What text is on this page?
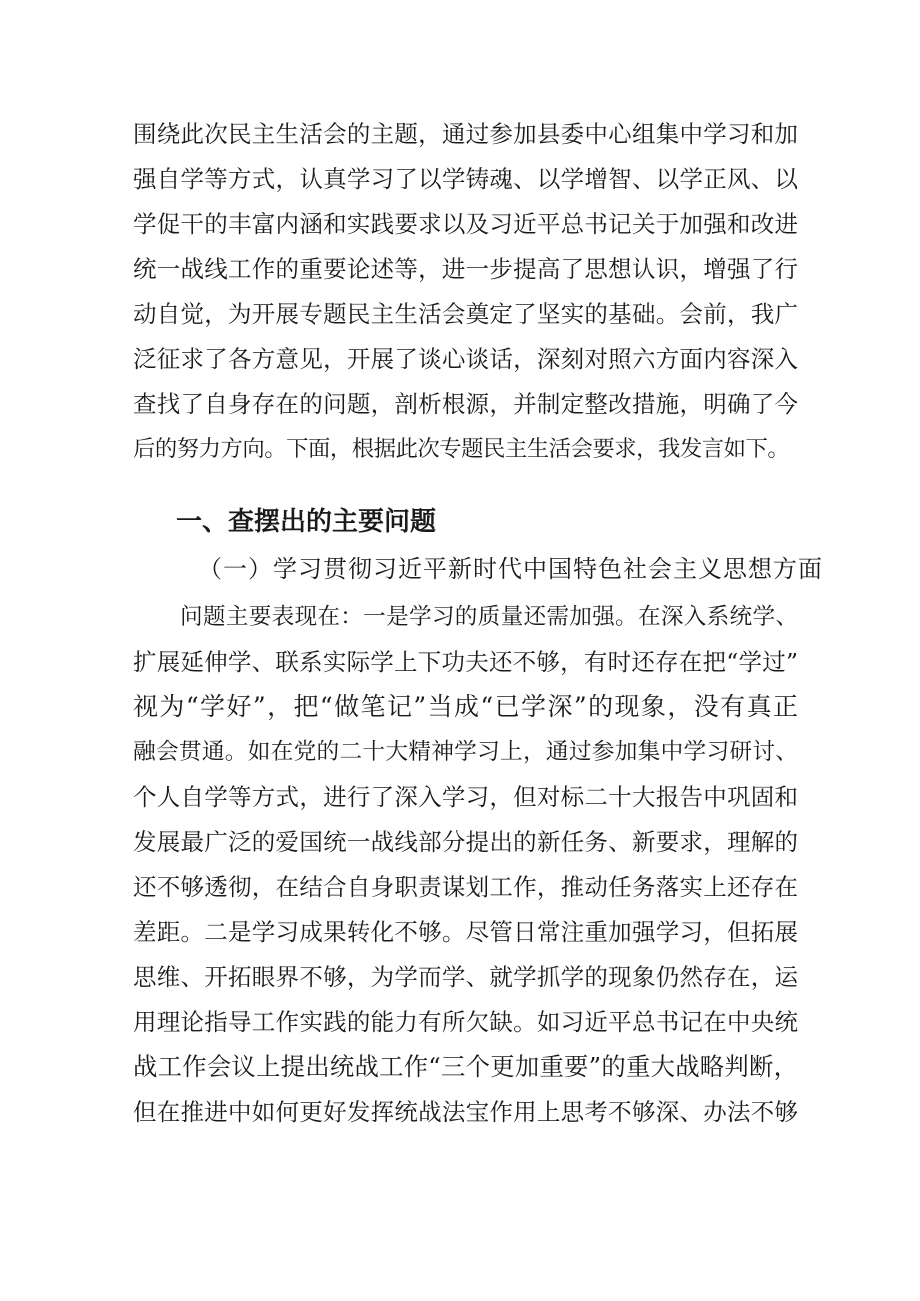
围绕此次民主生活会的主题，通过参加县委中心组集中学习和加
强自学等方式，认真学习了以学铸魂、以学增智、以学正风、以
学促干的丰富内涵和实践要求以及习近平总书记关于加强和改进
统一战线工作的重要论述等，进一步提高了思想认识，增强了行
动自觉，为开展专题民主生活会奠定了坚实的基础。会前，我广
泛征求了各方意见，开展了谈心谈话，深刻对照六方面内容深入
查找了自身存在的问题，剖析根源，并制定整改措施，明确了今
后的努力方向。下面，根据此次专题民主生活会要求，我发言如下。
一、查摆出的主要问题
（一）学习贯彻习近平新时代中国特色社会主义思想方面
问题主要表现在：一是学习的质量还需加强。在深入系统学、
扩展延伸学、联系实际学上下功夫还不够，有时还存在把“学过”
视为“学好”，把“做笔记”当成“已学深”的现象，没有真正
融会贯通。如在党的二十大精神学习上，通过参加集中学习研讨、
个人自学等方式，进行了深入学习，但对标二十大报告中巩固和
发展最广泛的爱国统一战线部分提出的新任务、新要求，理解的
还不够透彻，在结合自身职责谋划工作，推动任务落实上还存在
差距。二是学习成果转化不够。尽管日常注重加强学习，但拓展
思维、开拓眼界不够，为学而学、就学抓学的现象仍然存在，运
用理论指导工作实践的能力有所欠缺。如习近平总书记在中央统
战工作会议上提出统战工作“三个更加重要”的重大战略判断，
但在推进中如何更好发挥统战法宝作用上思考不够深、办法不够
